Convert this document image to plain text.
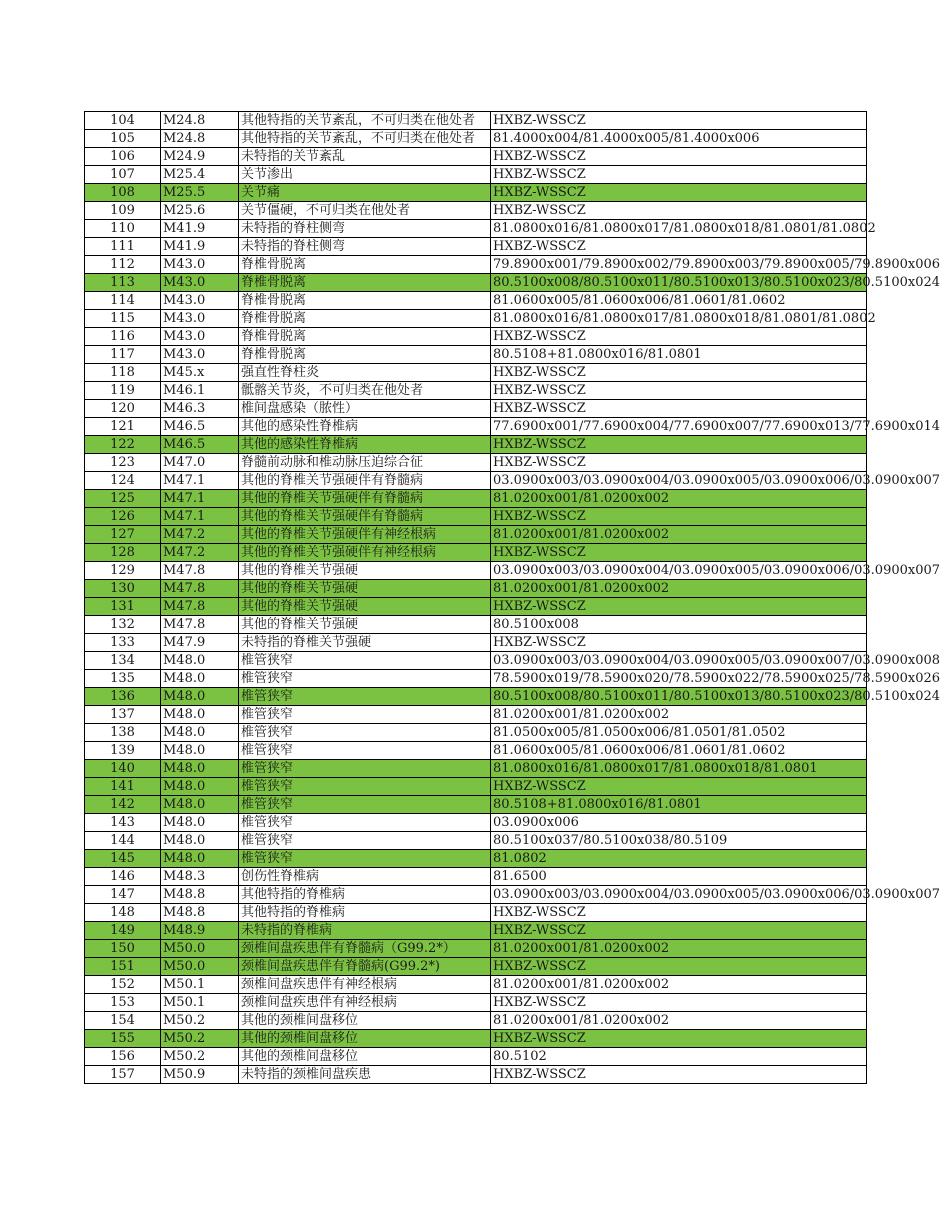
104	M24.8	其他特指的关节紊乱，不可归类在他处者	HXBZ-WSSCZ
105	M24.8	其他特指的关节紊乱，不可归类在他处者	81.4000x004/81.4000x005/81.4000x006
106	M24.9	未特指的关节紊乱	HXBZ-WSSCZ
107	M25.4	关节渗出	HXBZ-WSSCZ
108	M25.5	关节痛	HXBZ-WSSCZ
109	M25.6	关节僵硬，不可归类在他处者	HXBZ-WSSCZ
110	M41.9	未特指的脊柱侧弯	81.0800x016/81.0800x017/81.0800x018/81.0801/81.0802
111	M41.9	未特指的脊柱侧弯	HXBZ-WSSCZ
112	M43.0	脊椎骨脱离	79.8900x001/79.8900x002/79.8900x003/79.8900x005/79.8900x006
113	M43.0	脊椎骨脱离	80.5100x008/80.5100x011/80.5100x013/80.5100x023/80.5100x024
114	M43.0	脊椎骨脱离	81.0600x005/81.0600x006/81.0601/81.0602
115	M43.0	脊椎骨脱离	81.0800x016/81.0800x017/81.0800x018/81.0801/81.0802
116	M43.0	脊椎骨脱离	HXBZ-WSSCZ
117	M43.0	脊椎骨脱离	80.5108+81.0800x016/81.0801
118	M45.x	强直性脊柱炎	HXBZ-WSSCZ
119	M46.1	骶髂关节炎，不可归类在他处者	HXBZ-WSSCZ
120	M46.3	椎间盘感染（脓性）	HXBZ-WSSCZ
121	M46.5	其他的感染性脊椎病	77.6900x001/77.6900x004/77.6900x007/77.6900x013/77.6900x014
122	M46.5	其他的感染性脊椎病	HXBZ-WSSCZ
123	M47.0	脊髓前动脉和椎动脉压迫综合征	HXBZ-WSSCZ
124	M47.1	其他的脊椎关节强硬伴有脊髓病	03.0900x003/03.0900x004/03.0900x005/03.0900x006/03.0900x007
125	M47.1	其他的脊椎关节强硬伴有脊髓病	81.0200x001/81.0200x002
126	M47.1	其他的脊椎关节强硬伴有脊髓病	HXBZ-WSSCZ
127	M47.2	其他的脊椎关节强硬伴有神经根病	81.0200x001/81.0200x002
128	M47.2	其他的脊椎关节强硬伴有神经根病	HXBZ-WSSCZ
129	M47.8	其他的脊椎关节强硬	03.0900x003/03.0900x004/03.0900x005/03.0900x006/03.0900x007
130	M47.8	其他的脊椎关节强硬	81.0200x001/81.0200x002
131	M47.8	其他的脊椎关节强硬	HXBZ-WSSCZ
132	M47.8	其他的脊椎关节强硬	80.5100x008
133	M47.9	未特指的脊椎关节强硬	HXBZ-WSSCZ
134	M48.0	椎管狭窄	03.0900x003/03.0900x004/03.0900x005/03.0900x007/03.0900x008
135	M48.0	椎管狭窄	78.5900x019/78.5900x020/78.5900x022/78.5900x025/78.5900x026
136	M48.0	椎管狭窄	80.5100x008/80.5100x011/80.5100x013/80.5100x023/80.5100x024
137	M48.0	椎管狭窄	81.0200x001/81.0200x002
138	M48.0	椎管狭窄	81.0500x005/81.0500x006/81.0501/81.0502
139	M48.0	椎管狭窄	81.0600x005/81.0600x006/81.0601/81.0602
140	M48.0	椎管狭窄	81.0800x016/81.0800x017/81.0800x018/81.0801
141	M48.0	椎管狭窄	HXBZ-WSSCZ
142	M48.0	椎管狭窄	80.5108+81.0800x016/81.0801
143	M48.0	椎管狭窄	03.0900x006
144	M48.0	椎管狭窄	80.5100x037/80.5100x038/80.5109
145	M48.0	椎管狭窄	81.0802
146	M48.3	创伤性脊椎病	81.6500
147	M48.8	其他特指的脊椎病	03.0900x003/03.0900x004/03.0900x005/03.0900x006/03.0900x007
148	M48.8	其他特指的脊椎病	HXBZ-WSSCZ
149	M48.9	未特指的脊椎病	HXBZ-WSSCZ
150	M50.0	颈椎间盘疾患伴有脊髓病（G99.2*）	81.0200x001/81.0200x002
151	M50.0	颈椎间盘疾患伴有脊髓病(G99.2*)	HXBZ-WSSCZ
152	M50.1	颈椎间盘疾患伴有神经根病	81.0200x001/81.0200x002
153	M50.1	颈椎间盘疾患伴有神经根病	HXBZ-WSSCZ
154	M50.2	其他的颈椎间盘移位	81.0200x001/81.0200x002
155	M50.2	其他的颈椎间盘移位	HXBZ-WSSCZ
156	M50.2	其他的颈椎间盘移位	80.5102
157	M50.9	未特指的颈椎间盘疾患	HXBZ-WSSCZ
